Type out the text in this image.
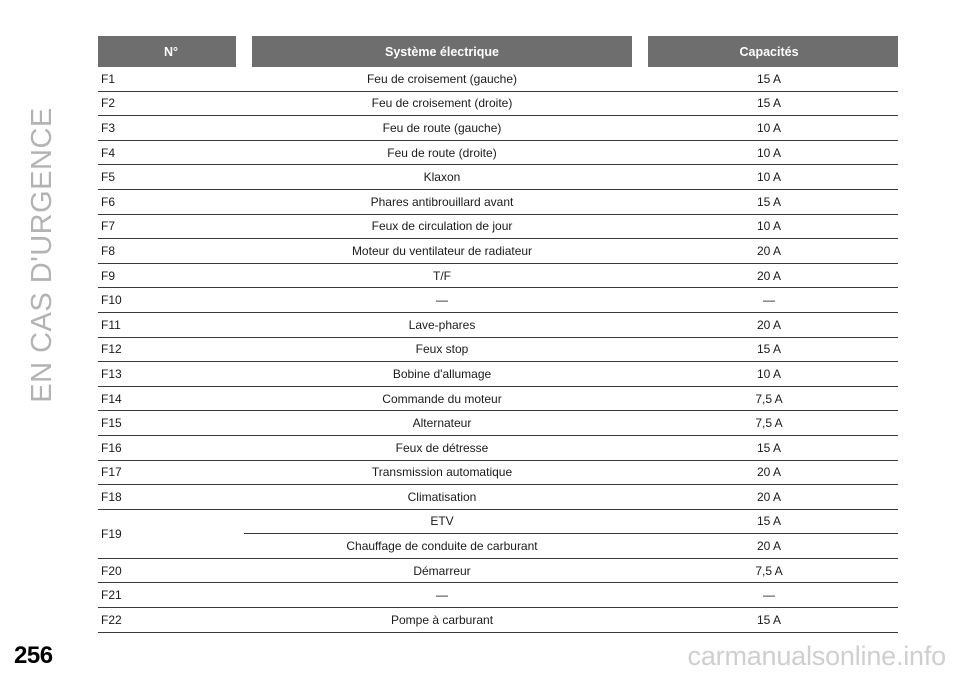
EN CAS D'URGENCE
N°	Système électrique	Capacités
F1	Feu de croisement (gauche)	15 A
F2	Feu de croisement (droite)	15 A
F3	Feu de route (gauche)	10 A
F4	Feu de route (droite)	10 A
F5	Klaxon	10 A
F6	Phares antibrouillard avant	15 A
F7	Feux de circulation de jour	10 A
F8	Moteur du ventilateur de radiateur	20 A
F9	T/F	20 A
F10	—	—
F11	Lave-phares	20 A
F12	Feux stop	15 A
F13	Bobine d'allumage	10 A
F14	Commande du moteur	7,5 A
F15	Alternateur	7,5 A
F16	Feux de détresse	15 A
F17	Transmission automatique	20 A
F18	Climatisation	20 A
F19	ETV	15 A
	Chauffage de conduite de carburant	20 A
F20	Démarreur	7,5 A
F21	—	—
F22	Pompe à carburant	15 A
256	carmanualsonline.info
